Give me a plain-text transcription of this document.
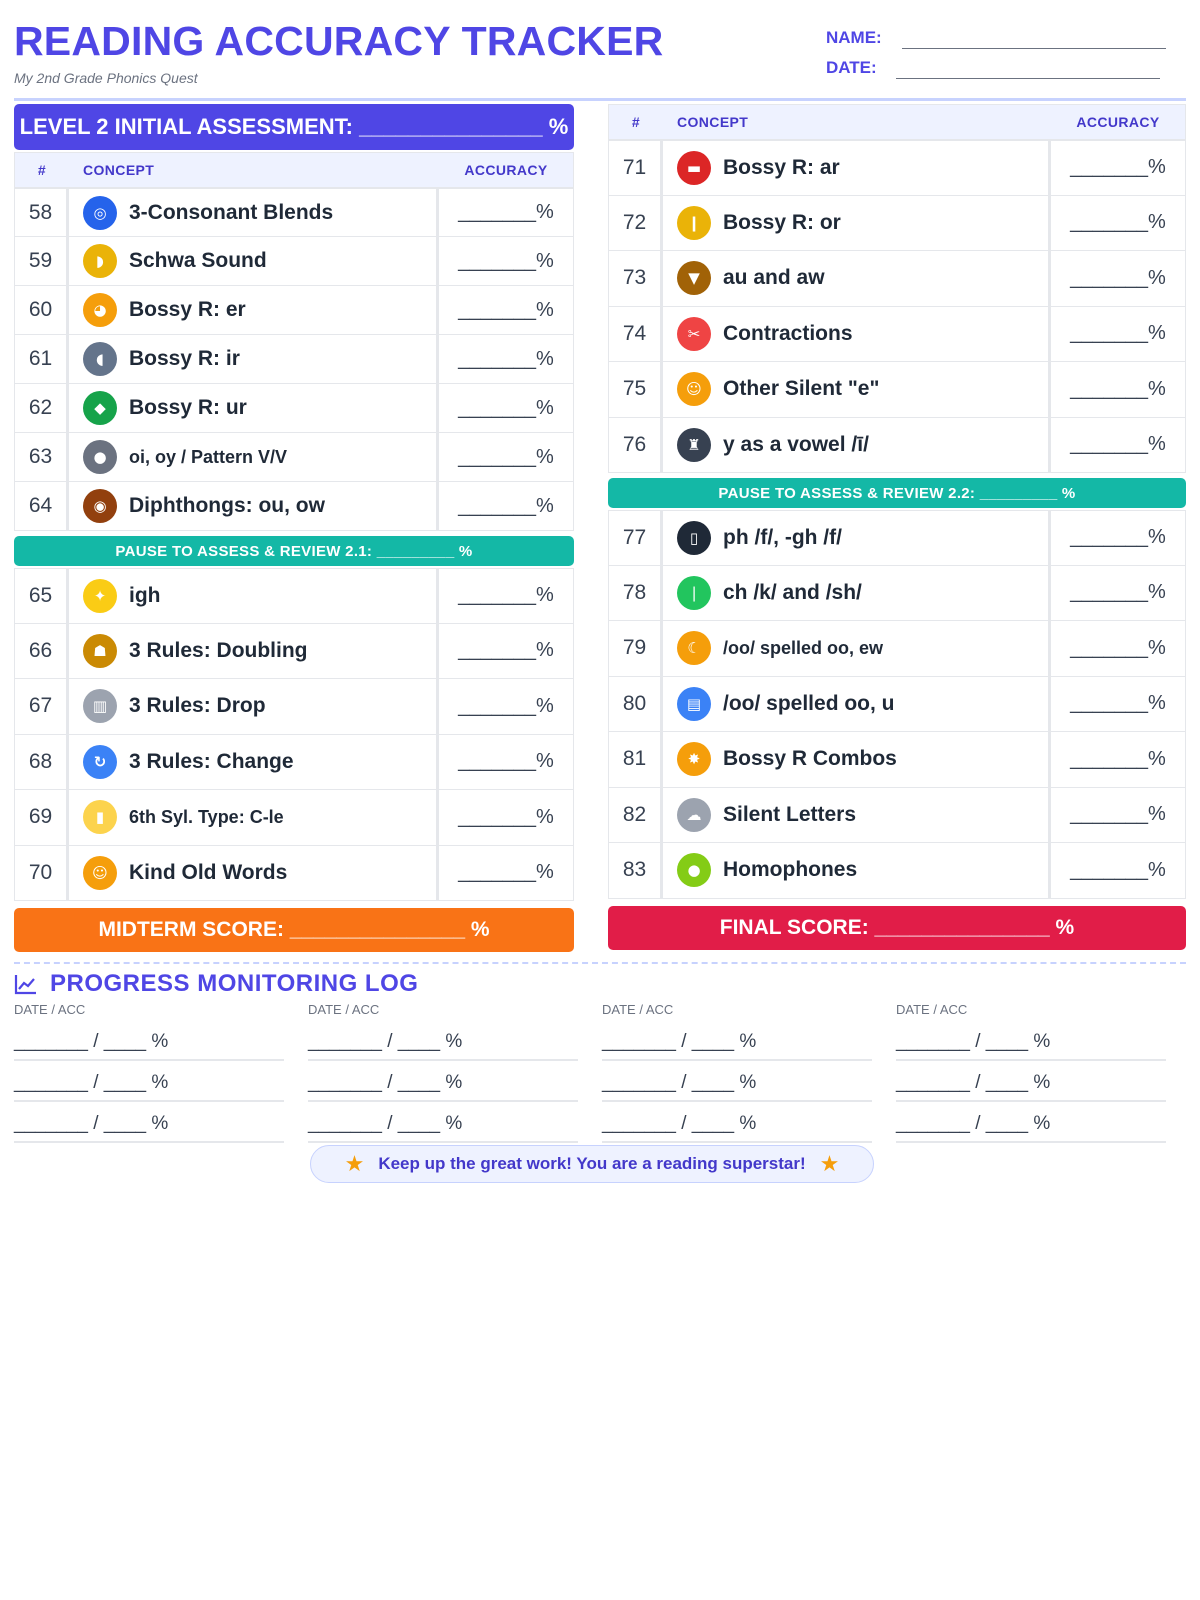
READING ACCURACY TRACKER
My 2nd Grade Phonics Quest
NAME:
DATE:
LEVEL 2 INITIAL ASSESSMENT: _______________ %
#	CONCEPT	ACCURACY
58	◎	3-Consonant Blends	_______%
59	◗	Schwa Sound	_______%
60	◕	Bossy R: er	_______%
61	◖	Bossy R: ir	_______%
62	◆	Bossy R: ur	_______%
63	●	oi, oy / Pattern V/V	_______%
64	◉	Diphthongs: ou, ow	_______%
PAUSE TO ASSESS & REVIEW 2.1: _________ %
65	✦	igh	_______%
66	☗	3 Rules: Doubling	_______%
67	▥	3 Rules: Drop	_______%
68	↻	3 Rules: Change	_______%
69	▮	6th Syl. Type: C-le	_______%
70	☺	Kind Old Words	_______%
MIDTERM SCORE: _______________ %
#	CONCEPT	ACCURACY
71	▬	Bossy R: ar	_______%
72	❙	Bossy R: or	_______%
73	▼	au and aw	_______%
74	✂	Contractions	_______%
75	☺	Other Silent "e"	_______%
76	♜	y as a vowel /ī/	_______%
PAUSE TO ASSESS & REVIEW 2.2: _________ %
77	▯	ph /f/, -gh /f/	_______%
78	❘	ch /k/ and /sh/	_______%
79	☾	/oo/ spelled oo, ew	_______%
80	▤	/oo/ spelled oo, u	_______%
81	✸	Bossy R Combos	_______%
82	☁	Silent Letters	_______%
83	●	Homophones	_______%
FINAL SCORE: _______________ %
PROGRESS MONITORING LOG
DATE / ACC
_______ / ____ %
_______ / ____ %
_______ / ____ %
DATE / ACC
_______ / ____ %
_______ / ____ %
_______ / ____ %
DATE / ACC
_______ / ____ %
_______ / ____ %
_______ / ____ %
DATE / ACC
_______ / ____ %
_______ / ____ %
_______ / ____ %
★ Keep up the great work! You are a reading superstar! ★
